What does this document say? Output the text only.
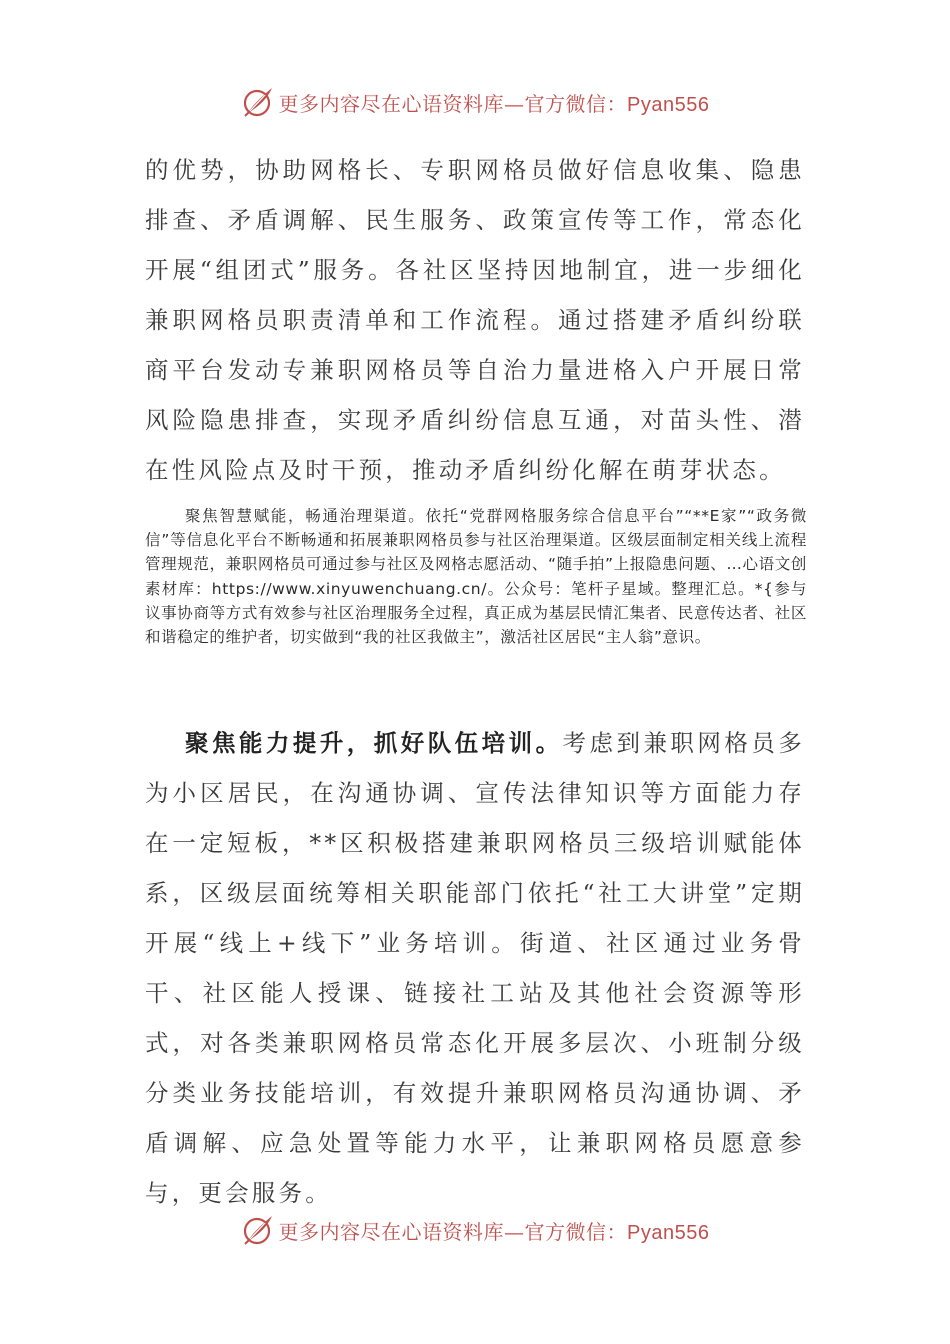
更多内容尽在心语资料库—官方微信：Pyan556

的优势，协助网格长、专职网格员做好信息收集、隐患排查、矛盾调解、民生服务、政策宣传等工作，常态化开展“组团式”服务。各社区坚持因地制宜，进一步细化兼职网格员职责清单和工作流程。通过搭建矛盾纠纷联商平台发动专兼职网格员等自治力量进格入户开展日常风险隐患排查，实现矛盾纠纷信息互通，对苗头性、潜在性风险点及时干预，推动矛盾纠纷化解在萌芽状态。

聚焦智慧赋能，畅通治理渠道。依托“党群网格服务综合信息平台”“**E家”“政务微信”等信息化平台不断畅通和拓展兼职网格员参与社区治理渠道。区级层面制定相关线上流程管理规范，兼职网格员可通过参与社区及网格志愿活动、“随手拍”上报隐患问题、…心语文创素材库：https://www.xinyuwenchuang.cn/。公众号：笔杆子星域。整理汇总。*{参与议事协商等方式有效参与社区治理服务全过程，真正成为基层民情汇集者、民意传达者、社区和谐稳定的维护者，切实做到“我的社区我做主”，激活社区居民“主人翁”意识。

聚焦能力提升，抓好队伍培训。考虑到兼职网格员多为小区居民，在沟通协调、宣传法律知识等方面能力存在一定短板，**区积极搭建兼职网格员三级培训赋能体系，区级层面统筹相关职能部门依托“社工大讲堂”定期开展“线上+线下”业务培训。街道、社区通过业务骨干、社区能人授课、链接社工站及其他社会资源等形式，对各类兼职网格员常态化开展多层次、小班制分级分类业务技能培训，有效提升兼职网格员沟通协调、矛盾调解、应急处置等能力水平，让兼职网格员愿意参与，更会服务。

更多内容尽在心语资料库—官方微信：Pyan556
